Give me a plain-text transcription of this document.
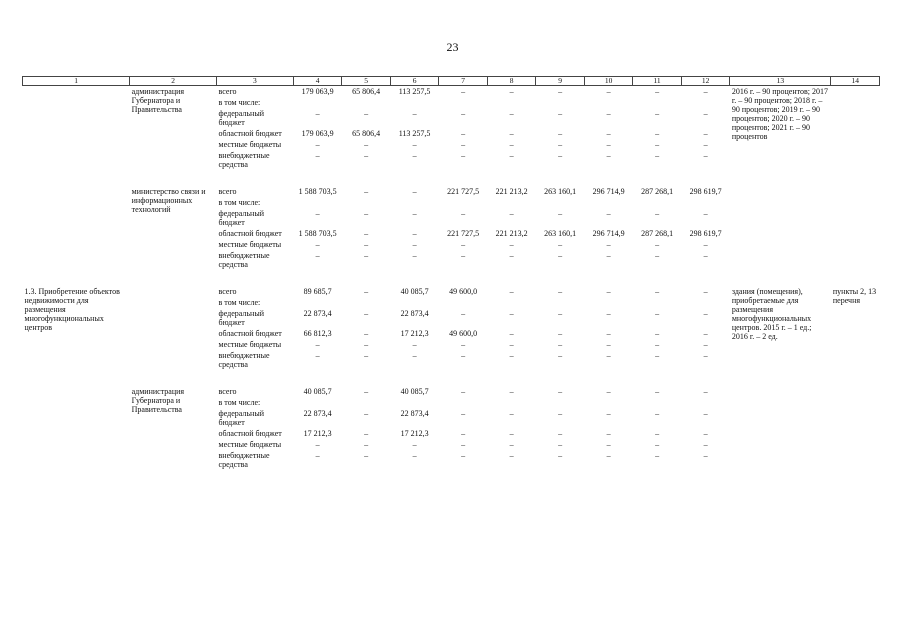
23
1	2	3	4	5	6	7	8	9	10	11	12	13	14
	администрация Губернатора и Правительства	всего	179 063,9	65 806,4	113 257,5	–	–	–	–	–	–	2016 г. – 90 процентов; 2017 г. – 90 процентов; 2018 г. – 90 процентов; 2019 г. – 90 процентов; 2020 г. – 90 процентов; 2021 г. – 90 процентов	
		в том числе:											
		федеральный бюджет	–	–	–	–	–	–	–	–	–		
		областной бюджет	179 063,9	65 806,4	113 257,5	–	–	–	–	–	–		
		местные бюджеты	–	–	–	–	–	–	–	–	–		
		внебюджетные средства	–	–	–	–	–	–	–	–	–		

	министерство связи и информационных технологий	всего	1 588 703,5	–	–	221 727,5	221 213,2	263 160,1	296 714,9	287 268,1	298 619,7		
		в том числе:											
		федеральный бюджет	–	–	–	–	–	–	–	–	–		
		областной бюджет	1 588 703,5	–	–	221 727,5	221 213,2	263 160,1	296 714,9	287 268,1	298 619,7		
		местные бюджеты	–	–	–	–	–	–	–	–	–		
		внебюджетные средства	–	–	–	–	–	–	–	–	–		

1.3. Приобретение объектов недвижимости для размещения многофункциональных центров		всего	89 685,7	–	40 085,7	49 600,0	–	–	–	–	–	здания (помещения), приобретаемые для размещения многофункциональных центров. 2015 г. – 1 ед.; 2016 г. – 2 ед.	пункты 2, 13 перечня
		в том числе:											
		федеральный бюджет	22 873,4	–	22 873,4	–	–	–	–	–	–		
		областной бюджет	66 812,3	–	17 212,3	49 600,0	–	–	–	–	–		
		местные бюджеты	–	–	–	–	–	–	–	–	–		
		внебюджетные средства	–	–	–	–	–	–	–	–	–		

	администрация Губернатора и Правительства	всего	40 085,7	–	40 085,7	–	–	–	–	–	–		
		в том числе:											
		федеральный бюджет	22 873,4	–	22 873,4	–	–	–	–	–	–		
		областной бюджет	17 212,3	–	17 212,3	–	–	–	–	–	–		
		местные бюджеты	–	–	–	–	–	–	–	–	–		
		внебюджетные средства	–	–	–	–	–	–	–	–	–		
